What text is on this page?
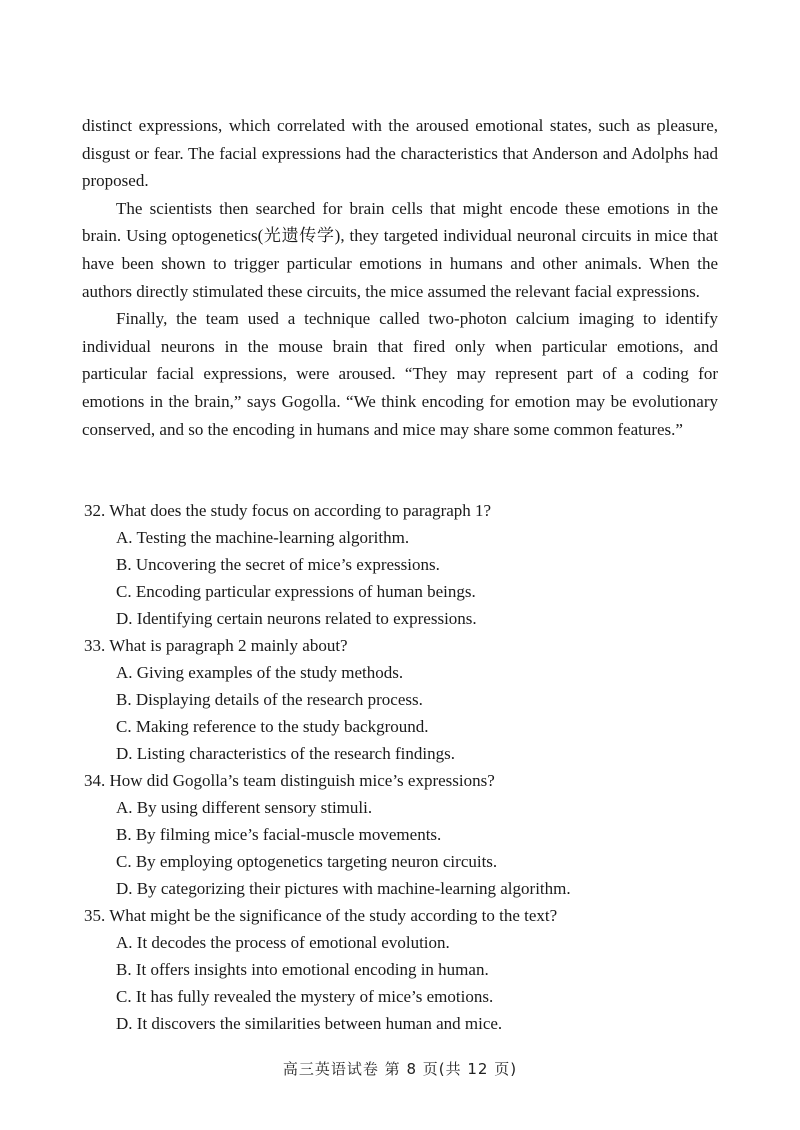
distinct expressions, which correlated with the aroused emotional states, such as pleasure, disgust or fear. The facial expressions had the characteristics that Anderson and Adolphs had proposed.

The scientists then searched for brain cells that might encode these emotions in the brain. Using optogenetics(光遗传学), they targeted individual neuronal circuits in mice that have been shown to trigger particular emotions in humans and other animals. When the authors directly stimulated these circuits, the mice assumed the relevant facial expressions.

Finally, the team used a technique called two-photon calcium imaging to identify individual neurons in the mouse brain that fired only when particular emotions, and particular facial expressions, were aroused. “They may represent part of a coding for emotions in the brain,” says Gogolla. “We think encoding for emotion may be evolutionary conserved, and so the encoding in humans and mice may share some common features.”

32. What does the study focus on according to paragraph 1?

A. Testing the machine-learning algorithm.
B. Uncovering the secret of mice’s expressions.
C. Encoding particular expressions of human beings.
D. Identifying certain neurons related to expressions.

33. What is paragraph 2 mainly about?

A. Giving examples of the study methods.
B. Displaying details of the research process.
C. Making reference to the study background.
D. Listing characteristics of the research findings.

34. How did Gogolla’s team distinguish mice’s expressions?

A. By using different sensory stimuli.
B. By filming mice’s facial-muscle movements.
C. By employing optogenetics targeting neuron circuits.
D. By categorizing their pictures with machine-learning algorithm.

35. What might be the significance of the study according to the text?

A. It decodes the process of emotional evolution.
B. It offers insights into emotional encoding in human.
C. It has fully revealed the mystery of mice’s emotions.
D. It discovers the similarities between human and mice.
高三英语试卷 第 8 页(共 12 页)
